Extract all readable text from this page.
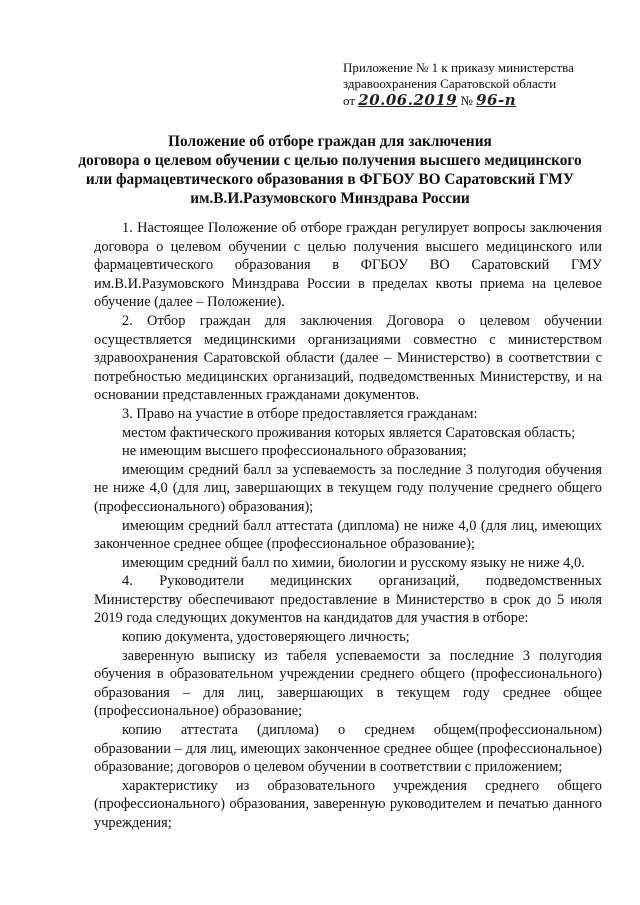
Приложение № 1 к приказу министерства
здравоохранения Саратовской области
от 20.06.2019 № 96-п
Положение об отборе граждан для заключения
договора о целевом обучении с целью получения высшего медицинского
или фармацевтического образования в ФГБОУ ВО Саратовский ГМУ
им.В.И.Разумовского Минздрава России

1. Настоящее Положение об отборе граждан регулирует вопросы заключения договора о целевом обучении с целью получения высшего медицинского или фармацевтического образования в ФГБОУ ВО Саратовский ГМУ им.В.И.Разумовского Минздрава России в пределах квоты приема на целевое обучение (далее – Положение).

2. Отбор граждан для заключения Договора о целевом обучении осуществляется медицинскими организациями совместно с министерством здравоохранения Саратовской области (далее – Министерство) в соответствии с потребностью медицинских организаций, подведомственных Министерству, и на основании представленных гражданами документов.

3. Право на участие в отборе предоставляется гражданам:

местом фактического проживания которых является Саратовская область;

не имеющим высшего профессионального образования;

имеющим средний балл за успеваемость за последние 3 полугодия обучения не ниже 4,0 (для лиц, завершающих в текущем году получение среднего общего (профессионального) образования);

имеющим средний балл аттестата (диплома) не ниже 4,0 (для лиц, имеющих законченное среднее общее (профессиональное образование);

имеющим средний балл по химии, биологии и русскому языку не ниже 4,0.

4. Руководители медицинских организаций, подведомственных Министерству обеспечивают предоставление в Министерство в срок до 5 июля 2019 года следующих документов на кандидатов для участия в отборе:

копию документа, удостоверяющего личность;

заверенную выписку из табеля успеваемости за последние 3 полугодия обучения в образовательном учреждении среднего общего (профессионального) образования – для лиц, завершающих в текущем году среднее общее (профессиональное) образование;

копию аттестата (диплома) о среднем общем(профессиональном) образовании – для лиц, имеющих законченное среднее общее (профессиональное) образование; договоров о целевом обучении в соответствии с приложением;

характеристику из образовательного учреждения среднего общего (профессионального) образования, заверенную руководителем и печатью данного учреждения;
